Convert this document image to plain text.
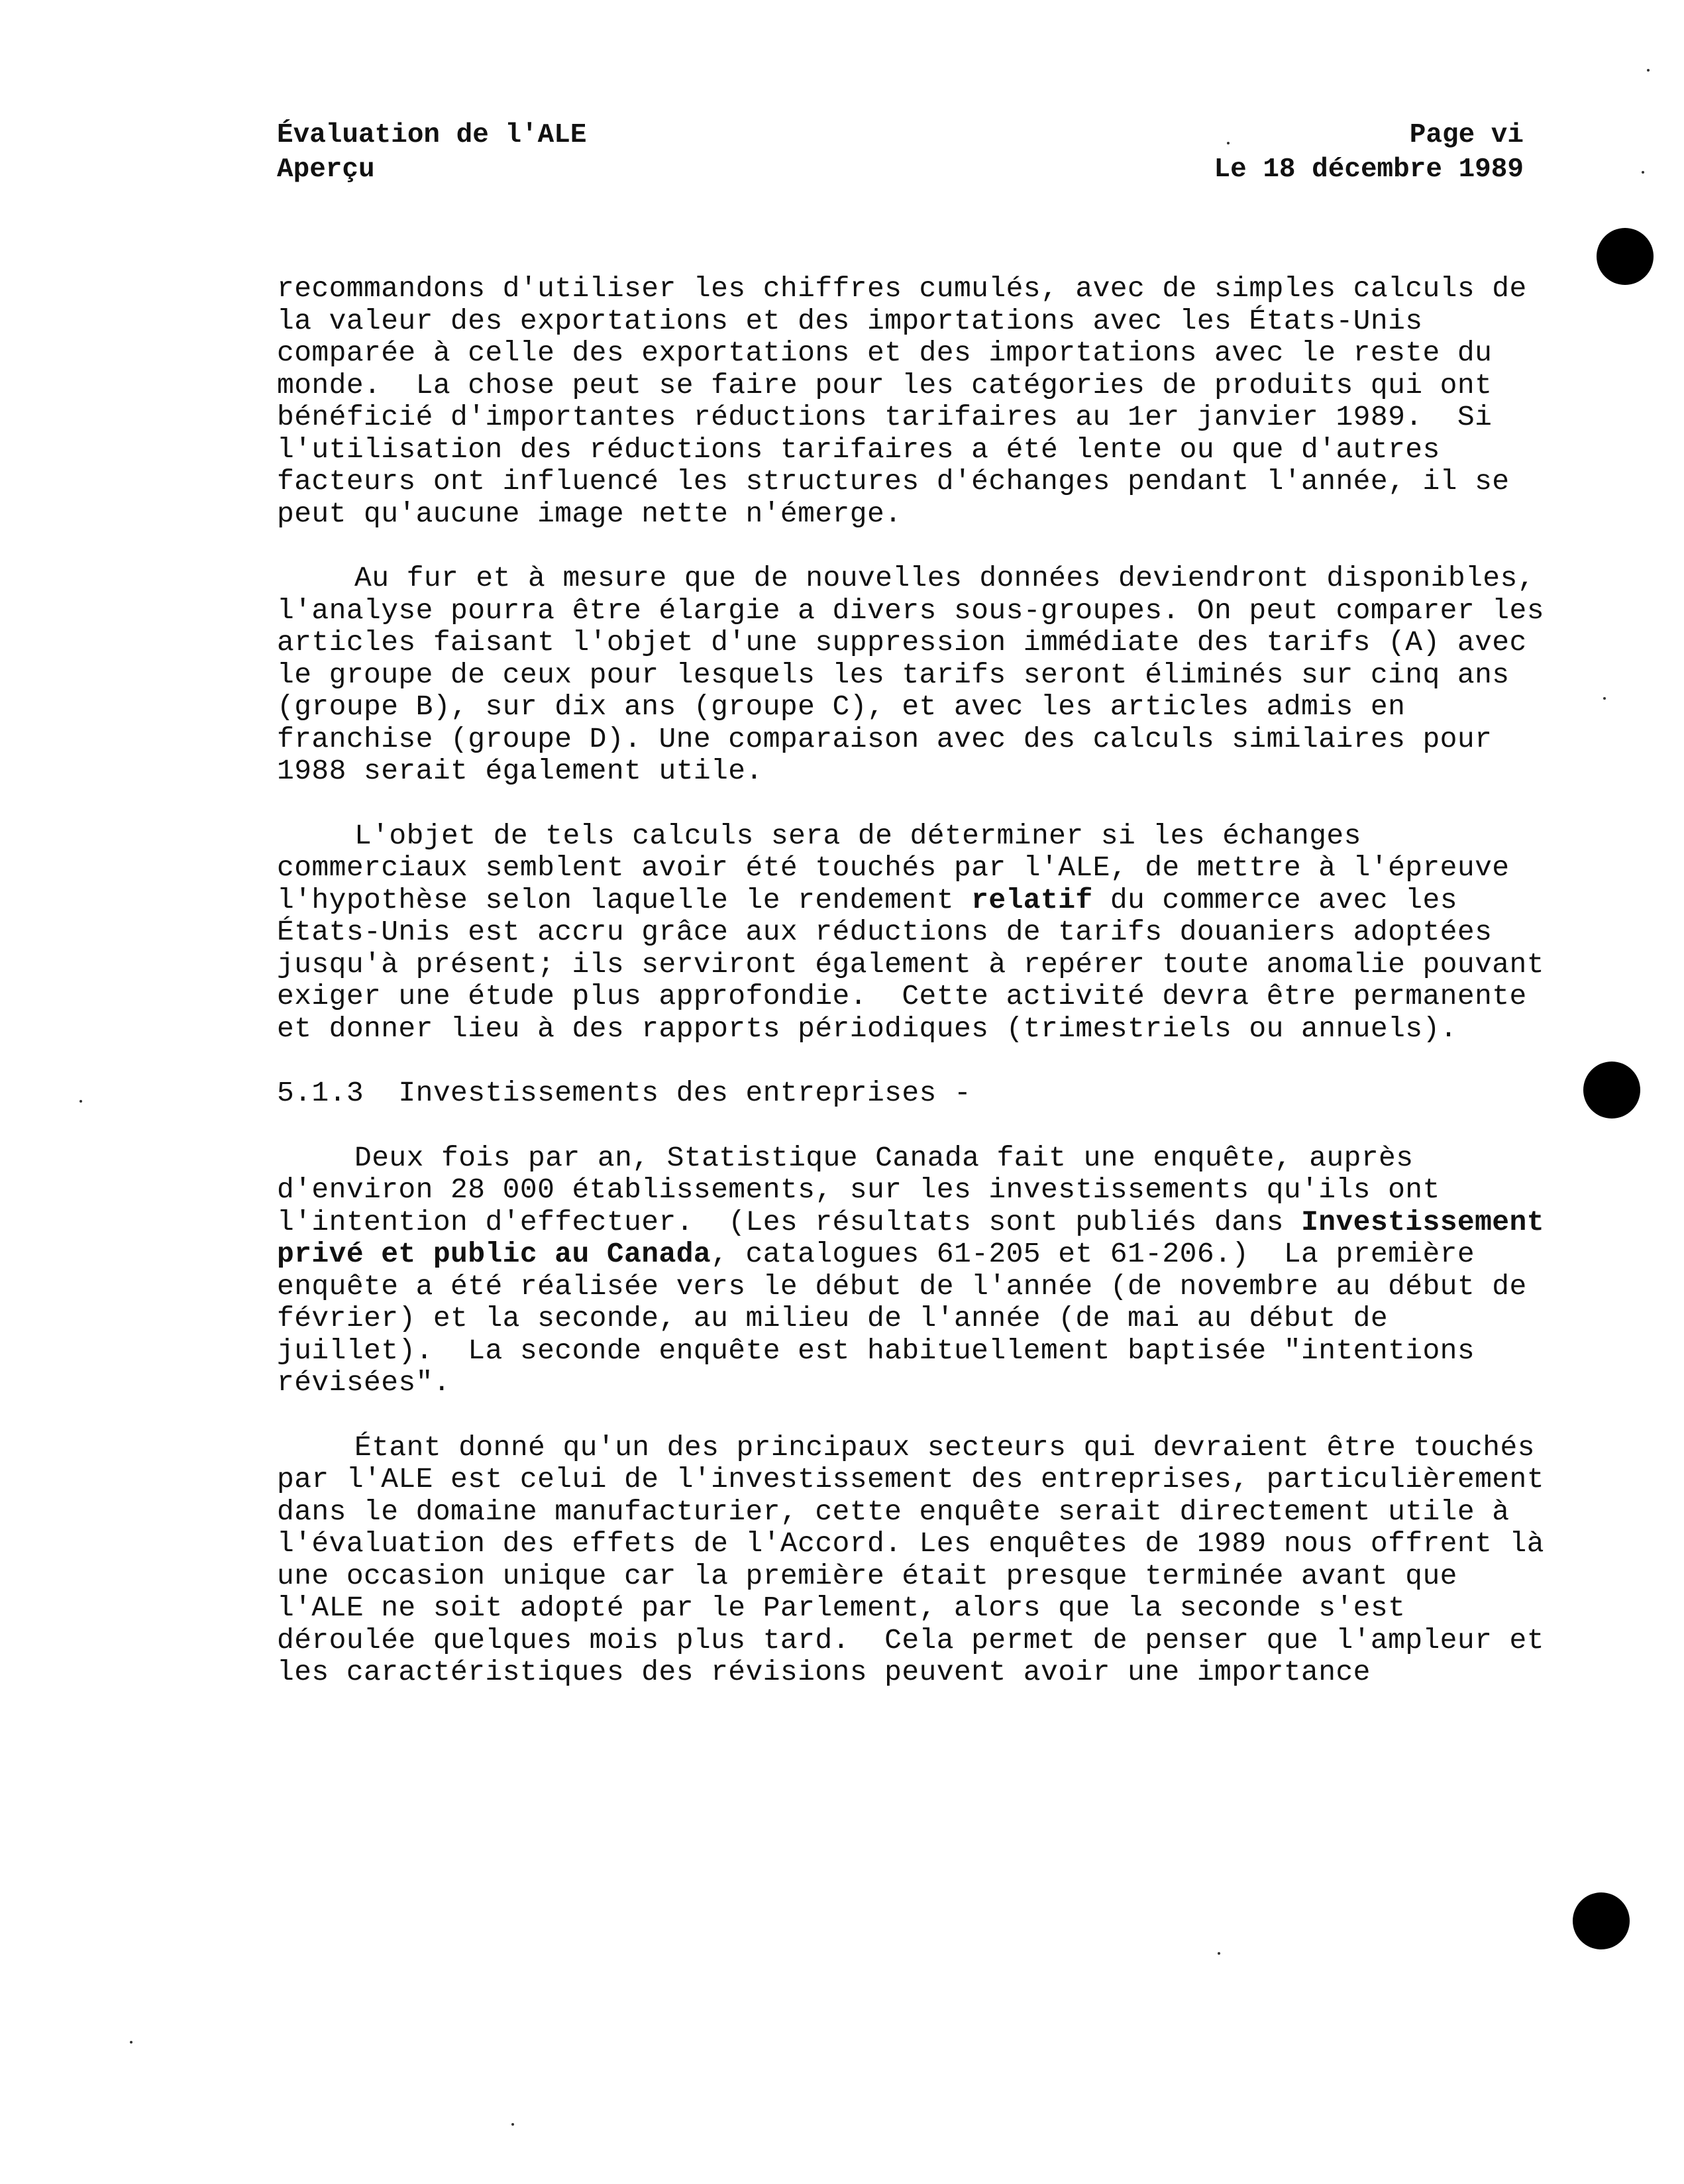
Évaluation de l'ALE
Aperçu
Page vi
Le 18 décembre 1989

recommandons d'utiliser les chiffres cumulés, avec de simples calculs de la valeur des exportations et des importations avec les États-Unis comparée à celle des exportations et des importations avec le reste du monde.  La chose peut se faire pour les catégories de produits qui ont bénéficié d'importantes réductions tarifaires au 1er janvier 1989.  Si l'utilisation des réductions tarifaires a été lente ou que d'autres facteurs ont influencé les structures d'échanges pendant l'année, il se peut qu'aucune image nette n'émerge.

Au fur et à mesure que de nouvelles données deviendront disponibles, l'analyse pourra être élargie a divers sous-groupes. On peut comparer les articles faisant l'objet d'une suppression immédiate des tarifs (A) avec le groupe de ceux pour lesquels les tarifs seront éliminés sur cinq ans (groupe B), sur dix ans (groupe C), et avec les articles admis en franchise (groupe D). Une comparaison avec des calculs similaires pour 1988 serait également utile.

L'objet de tels calculs sera de déterminer si les échanges commerciaux semblent avoir été touchés par l'ALE, de mettre à l'épreuve l'hypothèse selon laquelle le rendement relatif du commerce avec les États-Unis est accru grâce aux réductions de tarifs douaniers adoptées jusqu'à présent; ils serviront également à repérer toute anomalie pouvant exiger une étude plus approfondie.  Cette activité devra être permanente et donner lieu à des rapports périodiques (trimestriels ou annuels).

5.1.3  Investissements des entreprises -

Deux fois par an, Statistique Canada fait une enquête, auprès d'environ 28 000 établissements, sur les investissements qu'ils ont l'intention d'effectuer.  (Les résultats sont publiés dans Investissement privé et public au Canada, catalogues 61-205 et 61-206.)  La première enquête a été réalisée vers le début de l'année (de novembre au début de février) et la seconde, au milieu de l'année (de mai au début de juillet).  La seconde enquête est habituellement baptisée "intentions révisées".

Étant donné qu'un des principaux secteurs qui devraient être touchés par l'ALE est celui de l'investissement des entreprises, particulièrement dans le domaine manufacturier, cette enquête serait directement utile à l'évaluation des effets de l'Accord. Les enquêtes de 1989 nous offrent là une occasion unique car la première était presque terminée avant que l'ALE ne soit adopté par le Parlement, alors que la seconde s'est déroulée quelques mois plus tard.  Cela permet de penser que l'ampleur et les caractéristiques des révisions peuvent avoir une importance
